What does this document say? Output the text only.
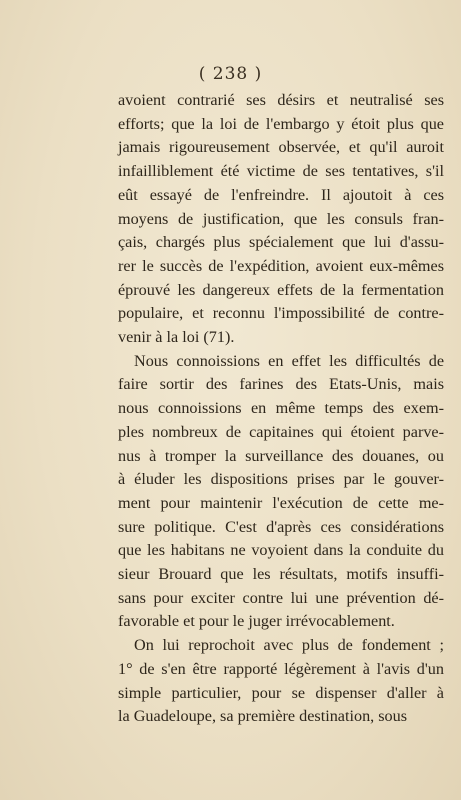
( 238 )
avoient contrarié ses désirs et neutralisé ses
efforts; que la loi de l'embargo y étoit plus que
jamais rigoureusement observée, et qu'il auroit
infailliblement été victime de ses tentatives, s'il
eût essayé de l'enfreindre. Il ajoutoit à ces
moyens de justification, que les consuls fran-
çais, chargés plus spécialement que lui d'assu-
rer le succès de l'expédition, avoient eux-mêmes
éprouvé les dangereux effets de la fermentation
populaire, et reconnu l'impossibilité de contre-
venir à la loi (71).
Nous connoissions en effet les difficultés de
faire sortir des farines des Etats-Unis, mais
nous connoissions en même temps des exem-
ples nombreux de capitaines qui étoient parve-
nus à tromper la surveillance des douanes, ou
à éluder les dispositions prises par le gouver-
ment pour maintenir l'exécution de cette me-
sure politique. C'est d'après ces considérations
que les habitans ne voyoient dans la conduite du
sieur Brouard que les résultats, motifs insuffi-
sans pour exciter contre lui une prévention dé-
favorable et pour le juger irrévocablement.
On lui reprochoit avec plus de fondement ;
1° de s'en être rapporté légèrement à l'avis d'un
simple particulier, pour se dispenser d'aller à
la Guadeloupe, sa première destination, sous
